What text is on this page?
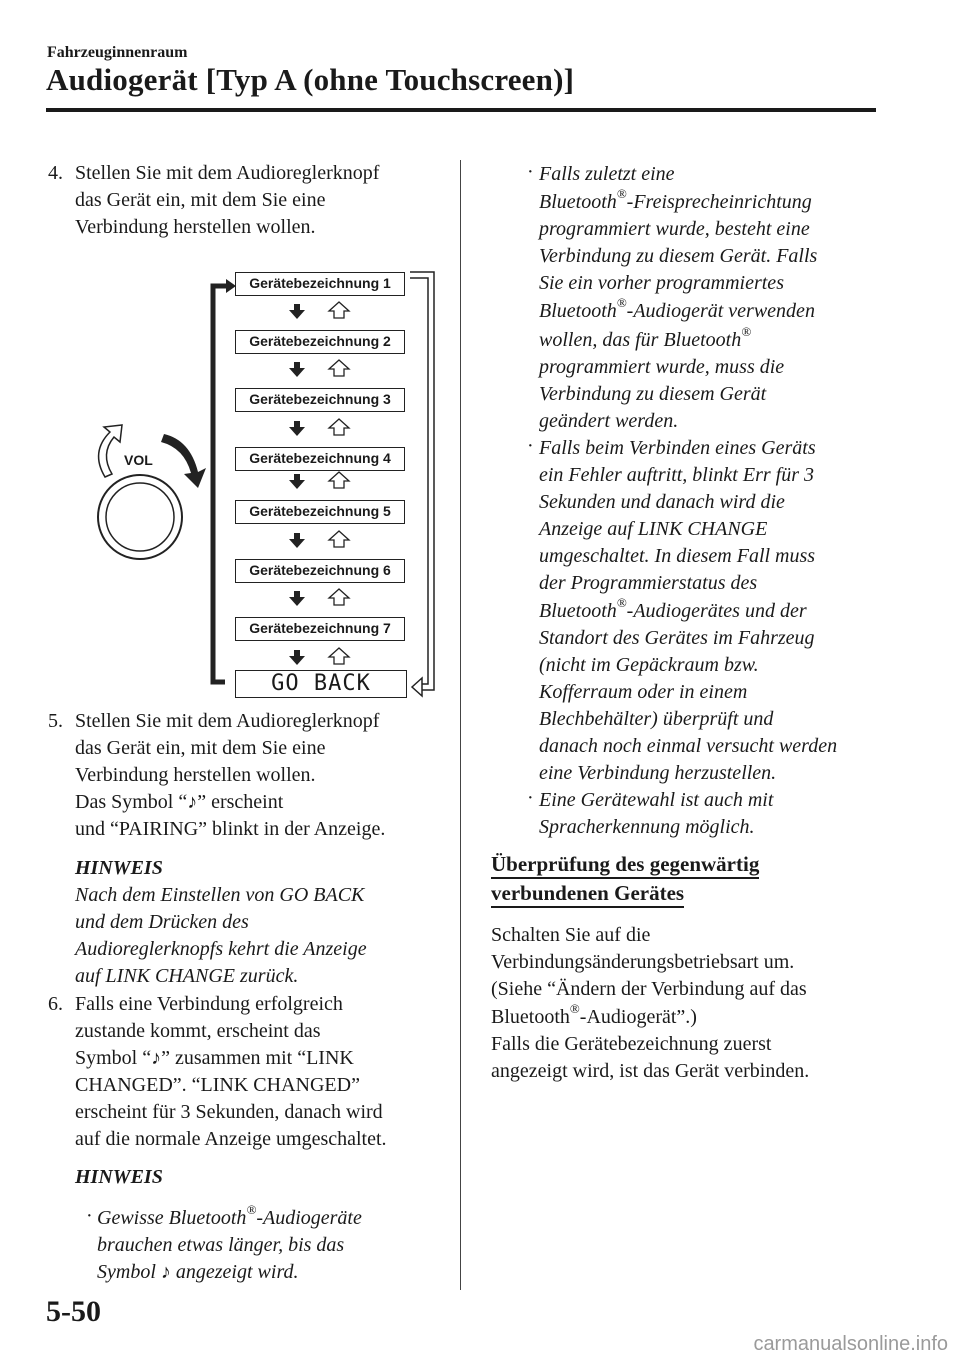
Fahrzeuginnenraum
Audiogerät [Typ A (ohne Touchscreen)]
4. Stellen Sie mit dem Audioreglerknopf
das Gerät ein, mit dem Sie eine
Verbindung herstellen wollen.
VOL
Gerätebezeichnung 1
Gerätebezeichnung 2
Gerätebezeichnung 3
Gerätebezeichnung 4
Gerätebezeichnung 5
Gerätebezeichnung 6
Gerätebezeichnung 7
GO BACK
5. Stellen Sie mit dem Audioreglerknopf
das Gerät ein, mit dem Sie eine
Verbindung herstellen wollen.
Das Symbol “♪” erscheint
und “PAIRING” blinkt in der Anzeige.
HINWEIS
Nach dem Einstellen von GO BACK
und dem Drücken des
Audioreglerknopfs kehrt die Anzeige
auf LINK CHANGE zurück.
6. Falls eine Verbindung erfolgreich
zustande kommt, erscheint das
Symbol “♪” zusammen mit “LINK
CHANGED”. “LINK CHANGED”
erscheint für 3 Sekunden, danach wird
auf die normale Anzeige umgeschaltet.
HINWEIS
· Gewisse Bluetooth®-Audiogeräte
brauchen etwas länger, bis das
Symbol ♪ angezeigt wird.
· Falls zuletzt eine
Bluetooth®-Freisprecheinrichtung
programmiert wurde, besteht eine
Verbindung zu diesem Gerät. Falls
Sie ein vorher programmiertes
Bluetooth®-Audiogerät verwenden
wollen, das für Bluetooth®
programmiert wurde, muss die
Verbindung zu diesem Gerät
geändert werden.
· Falls beim Verbinden eines Geräts
ein Fehler auftritt, blinkt Err für 3
Sekunden und danach wird die
Anzeige auf LINK CHANGE
umgeschaltet. In diesem Fall muss
der Programmierstatus des
Bluetooth®-Audiogerätes und der
Standort des Gerätes im Fahrzeug
(nicht im Gepäckraum bzw.
Kofferraum oder in einem
Blechbehälter) überprüft und
danach noch einmal versucht werden
eine Verbindung herzustellen.
· Eine Gerätewahl ist auch mit
Spracherkennung möglich.
Überprüfung des gegenwärtig
verbundenen Gerätes
Schalten Sie auf die
Verbindungsänderungsbetriebsart um.
(Siehe “Ändern der Verbindung auf das
Bluetooth®-Audiogerät”.)
Falls die Gerätebezeichnung zuerst
angezeigt wird, ist das Gerät verbinden.
5-50
carmanualsonline.info
